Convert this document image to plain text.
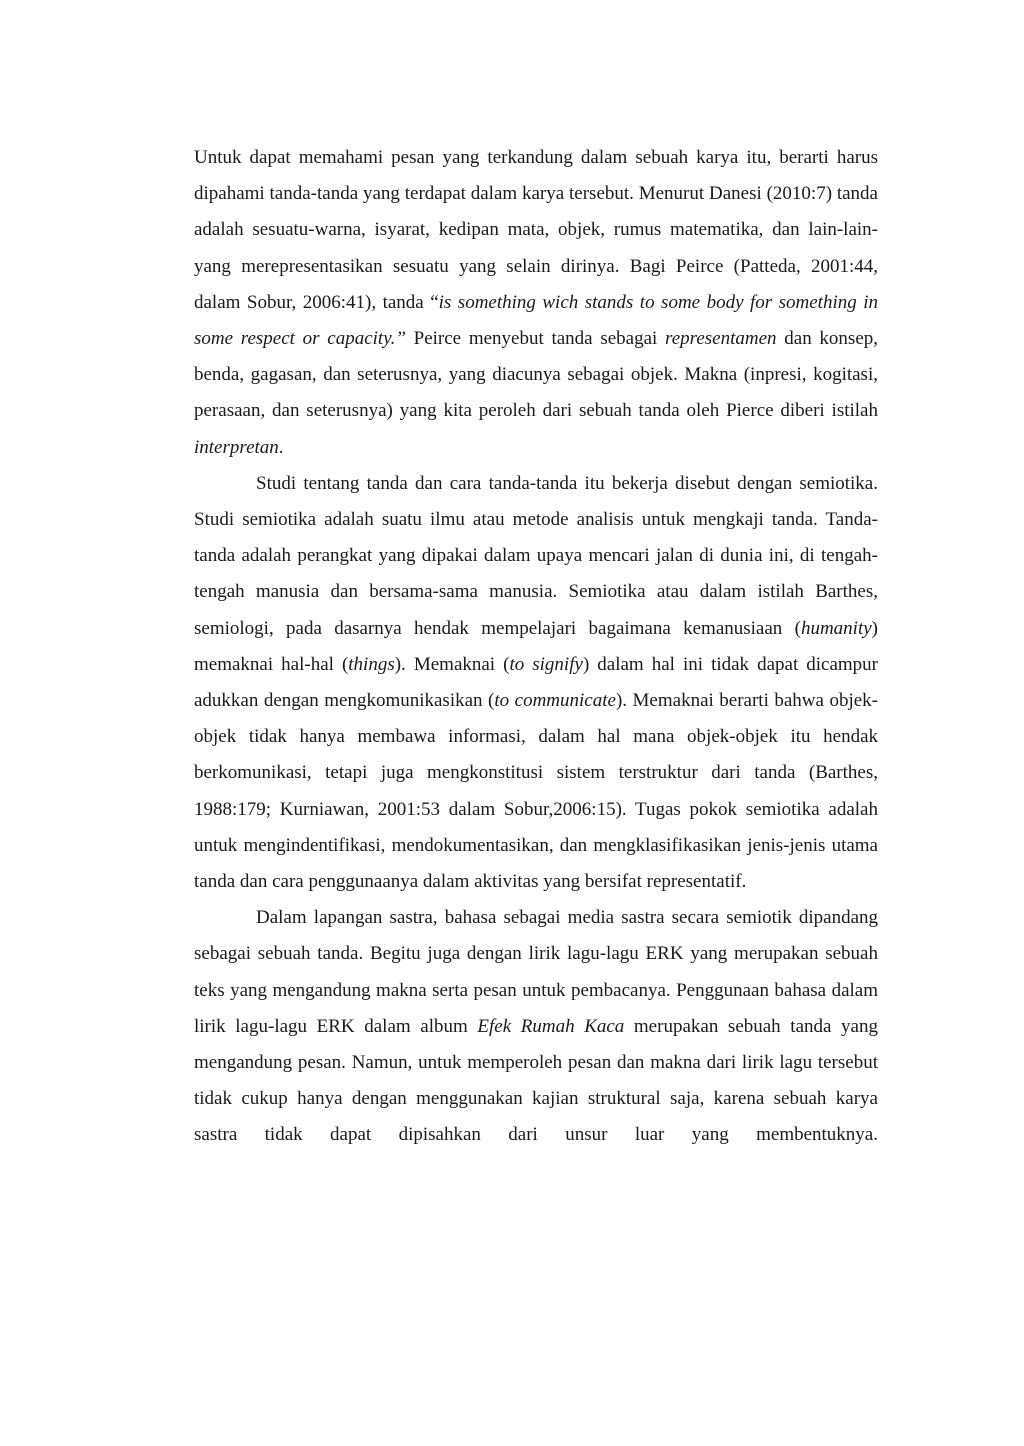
Untuk dapat memahami pesan yang terkandung dalam sebuah karya itu, berarti harus dipahami tanda-tanda yang terdapat dalam karya tersebut. Menurut Danesi (2010:7) tanda adalah sesuatu-warna, isyarat, kedipan mata, objek, rumus matematika, dan lain-lain-yang merepresentasikan sesuatu yang selain dirinya. Bagi Peirce (Patteda, 2001:44, dalam Sobur, 2006:41), tanda “is something wich stands to some body for something in some respect or capacity.” Peirce menyebut tanda sebagai representamen dan konsep, benda, gagasan, dan seterusnya, yang diacunya sebagai objek. Makna (inpresi, kogitasi, perasaan, dan seterusnya) yang kita peroleh dari sebuah tanda oleh Pierce diberi istilah interpretan.

Studi tentang tanda dan cara tanda-tanda itu bekerja disebut dengan semiotika. Studi semiotika adalah suatu ilmu atau metode analisis untuk mengkaji tanda. Tanda-tanda adalah perangkat yang dipakai dalam upaya mencari jalan di dunia ini, di tengah-tengah manusia dan bersama-sama manusia. Semiotika atau dalam istilah Barthes, semiologi, pada dasarnya hendak mempelajari bagaimana kemanusiaan (humanity) memaknai hal-hal (things). Memaknai (to signify) dalam hal ini tidak dapat dicampur adukkan dengan mengkomunikasikan (to communicate). Memaknai berarti bahwa objek-objek tidak hanya membawa informasi, dalam hal mana objek-objek itu hendak berkomunikasi, tetapi juga mengkonstitusi sistem terstruktur dari tanda (Barthes, 1988:179; Kurniawan, 2001:53 dalam Sobur,2006:15). Tugas pokok semiotika adalah untuk mengindentifikasi, mendokumentasikan, dan mengklasifikasikan jenis-jenis utama tanda dan cara penggunaanya dalam aktivitas yang bersifat representatif.

Dalam lapangan sastra, bahasa sebagai media sastra secara semiotik dipandang sebagai sebuah tanda. Begitu juga dengan lirik lagu-lagu ERK yang merupakan sebuah teks yang mengandung makna serta pesan untuk pembacanya. Penggunaan bahasa dalam lirik lagu-lagu ERK dalam album Efek Rumah Kaca merupakan sebuah tanda yang mengandung pesan. Namun, untuk memperoleh pesan dan makna dari lirik lagu tersebut tidak cukup hanya dengan menggunakan kajian struktural saja, karena sebuah karya sastra tidak dapat dipisahkan dari unsur luar yang membentuknya.
